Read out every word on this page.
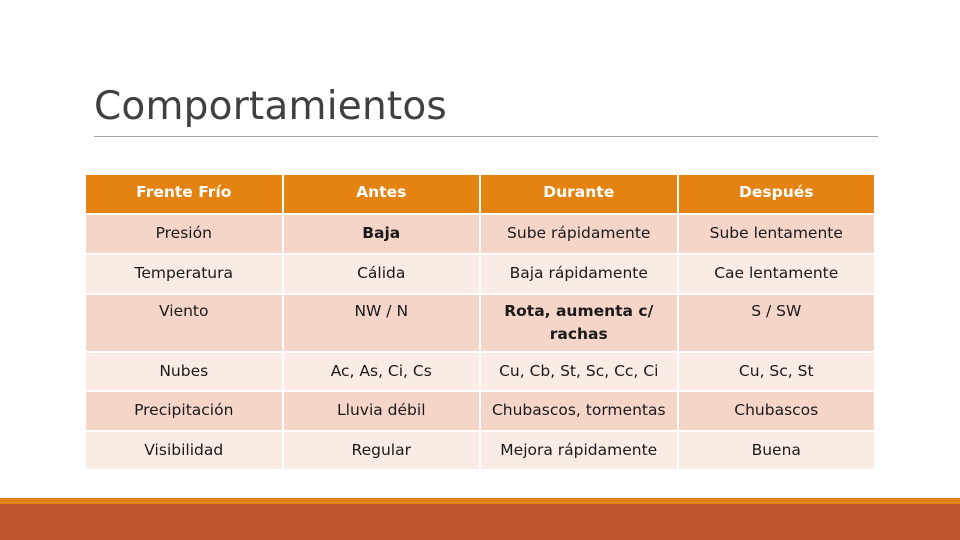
Comportamientos
Frente Frío	Antes	Durante	Después
Presión	Baja	Sube rápidamente	Sube lentamente
Temperatura	Cálida	Baja rápidamente	Cae lentamente
Viento	NW / N	Rota, aumenta c/ rachas	S / SW
Nubes	Ac, As, Ci, Cs	Cu, Cb, St, Sc, Cc, Ci	Cu, Sc, St
Precipitación	Lluvia débil	Chubascos, tormentas	Chubascos
Visibilidad	Regular	Mejora rápidamente	Buena
